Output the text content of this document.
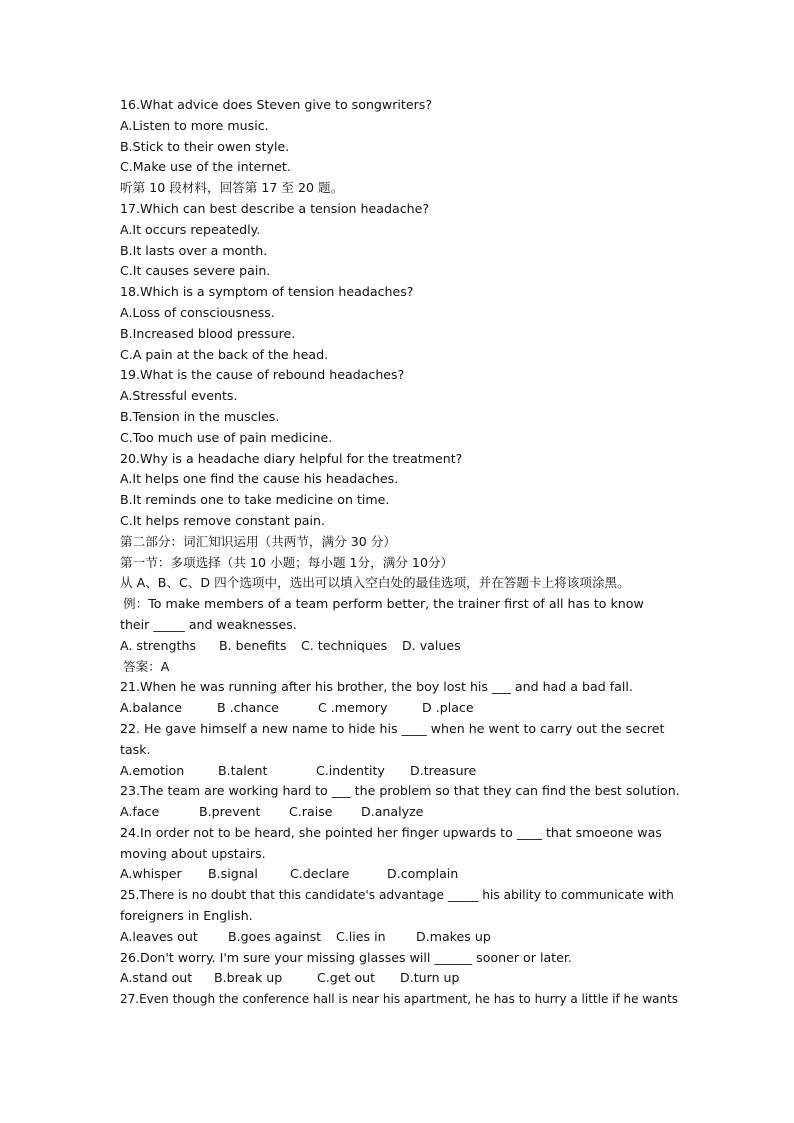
16.What advice does Steven give to songwriters?
A.Listen to more music.
B.Stick to their owen style.
C.Make use of the internet.
听第 10 段材料，回答第 17 至 20 题。
17.Which can best describe a tension headache?
A.It occurs repeatedly.
B.It lasts over a month.
C.It causes severe pain.
18.Which is a symptom of tension headaches?
A.Loss of consciousness.
B.Increased blood pressure.
C.A pain at the back of the head.
19.What is the cause of rebound headaches?
A.Stressful events.
B.Tension in the muscles.
C.Too much use of pain medicine.
20.Why is a headache diary helpful for the treatment?
A.It helps one find the cause his headaches.
B.It reminds one to take medicine on time.
C.It helps remove constant pain.
第二部分：词汇知识运用（共两节，满分 30 分）
第一节：多项选择（共 10 小题；每小题 1分，满分 10分）
从 A、B、C、D 四个选项中，选出可以填入空白处的最佳选项，并在答题卡上将该项涂黑。
例：To make members of a team perform better, the trainer first of all has to know
their _____ and weaknesses.
A. strengths	B. benefits	C. techniques	D. values
答案：A
21.When he was running after his brother, the boy lost his ___ and had a bad fall.
A.balance	B .chance	C .memory	D .place
22. He gave himself a new name to hide his ____ when he went to carry out the secret
task.
A.emotion	B.talent	C.indentity	D.treasure
23.The team are working hard to ___ the problem so that they can find the best solution.
A.face	B.prevent	C.raise	D.analyze
24.In order not to be heard, she pointed her finger upwards to ____ that smoeone was
moving about upstairs.
A.whisper	B.signal	C.declare	D.complain
25.There is no doubt that this candidate's advantage _____ his ability to communicate with
foreigners in English.
A.leaves out	B.goes against	C.lies in	D.makes up
26.Don't worry. I'm sure your missing glasses will ______ sooner or later.
A.stand out	B.break up	C.get out	D.turn up
27.Even though the conference hall is near his apartment, he has to hurry a little if he wants
